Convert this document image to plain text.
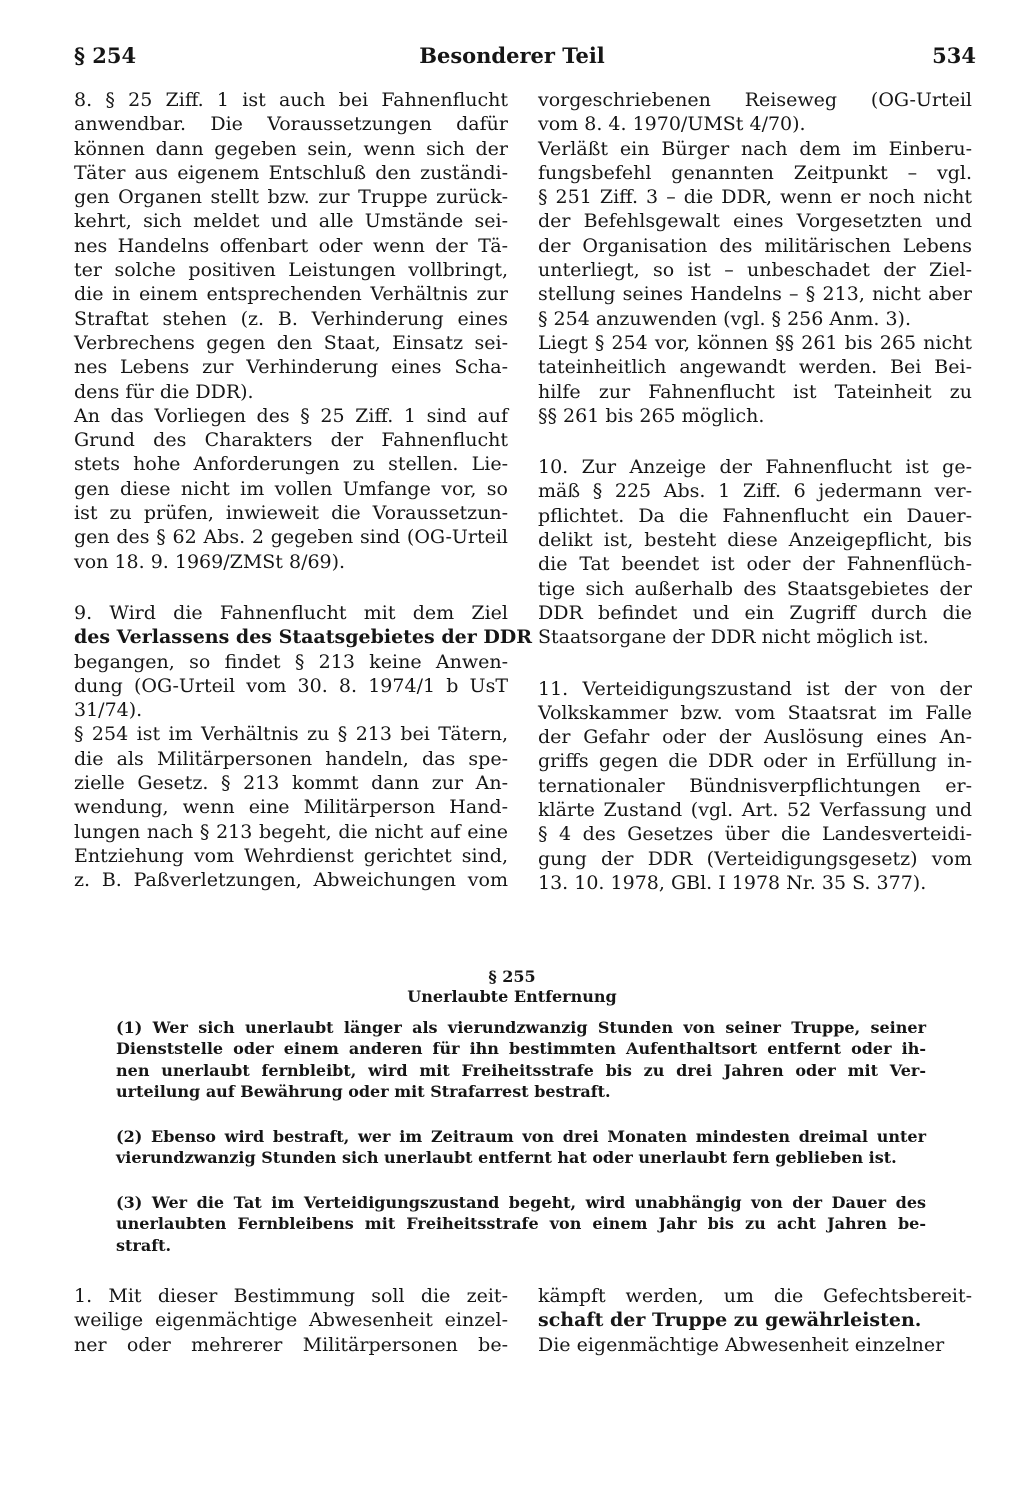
§ 254	Besonderer Teil	534
8. § 25 Ziff. 1 ist auch bei Fahnenflucht
anwendbar. Die Voraussetzungen dafür
können dann gegeben sein, wenn sich der
Täter aus eigenem Entschluß den zuständi-
gen Organen stellt bzw. zur Truppe zurück-
kehrt, sich meldet und alle Umstände sei-
nes Handelns offenbart oder wenn der Tä-
ter solche positiven Leistungen vollbringt,
die in einem entsprechenden Verhältnis zur
Straftat stehen (z. B. Verhinderung eines
Verbrechens gegen den Staat, Einsatz sei-
nes Lebens zur Verhinderung eines Scha-
dens für die DDR).
An das Vorliegen des § 25 Ziff. 1 sind auf
Grund des Charakters der Fahnenflucht
stets hohe Anforderungen zu stellen. Lie-
gen diese nicht im vollen Umfange vor, so
ist zu prüfen, inwieweit die Voraussetzun-
gen des § 62 Abs. 2 gegeben sind (OG-Urteil
von 18. 9. 1969/ZMSt 8/69).
9. Wird die Fahnenflucht mit dem Ziel
des Verlassens des Staatsgebietes der DDR
begangen, so findet § 213 keine Anwen-
dung (OG-Urteil vom 30. 8. 1974/1 b UsT
31/74).
§ 254 ist im Verhältnis zu § 213 bei Tätern,
die als Militärpersonen handeln, das spe-
zielle Gesetz. § 213 kommt dann zur An-
wendung, wenn eine Militärperson Hand-
lungen nach § 213 begeht, die nicht auf eine
Entziehung vom Wehrdienst gerichtet sind,
z. B. Paßverletzungen, Abweichungen vom
vorgeschriebenen Reiseweg (OG-Urteil
vom 8. 4. 1970/UMSt 4/70).
Verläßt ein Bürger nach dem im Einberu-
fungsbefehl genannten Zeitpunkt – vgl.
§ 251 Ziff. 3 – die DDR, wenn er noch nicht
der Befehlsgewalt eines Vorgesetzten und
der Organisation des militärischen Lebens
unterliegt, so ist – unbeschadet der Ziel-
stellung seines Handelns – § 213, nicht aber
§ 254 anzuwenden (vgl. § 256 Anm. 3).
Liegt § 254 vor, können §§ 261 bis 265 nicht
tateinheitlich angewandt werden. Bei Bei-
hilfe zur Fahnenflucht ist Tateinheit zu
§§ 261 bis 265 möglich.
10. Zur Anzeige der Fahnenflucht ist ge-
mäß § 225 Abs. 1 Ziff. 6 jedermann ver-
pflichtet. Da die Fahnenflucht ein Dauer-
delikt ist, besteht diese Anzeigepflicht, bis
die Tat beendet ist oder der Fahnenflüch-
tige sich außerhalb des Staatsgebietes der
DDR befindet und ein Zugriff durch die
Staatsorgane der DDR nicht möglich ist.
11. Verteidigungszustand ist der von der
Volkskammer bzw. vom Staatsrat im Falle
der Gefahr oder der Auslösung eines An-
griffs gegen die DDR oder in Erfüllung in-
ternationaler Bündnisverpflichtungen er-
klärte Zustand (vgl. Art. 52 Verfassung und
§ 4 des Gesetzes über die Landesverteidi-
gung der DDR (Verteidigungsgesetz) vom
13. 10. 1978, GBl. I 1978 Nr. 35 S. 377).
§ 255
Unerlaubte Entfernung
(1) Wer sich unerlaubt länger als vierundzwanzig Stunden von seiner Truppe, seiner
Dienststelle oder einem anderen für ihn bestimmten Aufenthaltsort entfernt oder ih-
nen unerlaubt fernbleibt, wird mit Freiheitsstrafe bis zu drei Jahren oder mit Ver-
urteilung auf Bewährung oder mit Strafarrest bestraft.
(2) Ebenso wird bestraft, wer im Zeitraum von drei Monaten mindesten dreimal unter
vierundzwanzig Stunden sich unerlaubt entfernt hat oder unerlaubt fern geblieben ist.
(3) Wer die Tat im Verteidigungszustand begeht, wird unabhängig von der Dauer des
unerlaubten Fernbleibens mit Freiheitsstrafe von einem Jahr bis zu acht Jahren be-
straft.
1. Mit dieser Bestimmung soll die zeit-
weilige eigenmächtige Abwesenheit einzel-
ner oder mehrerer Militärpersonen be-
kämpft werden, um die Gefechtsbereit-
schaft der Truppe zu gewährleisten.
Die eigenmächtige Abwesenheit einzelner
